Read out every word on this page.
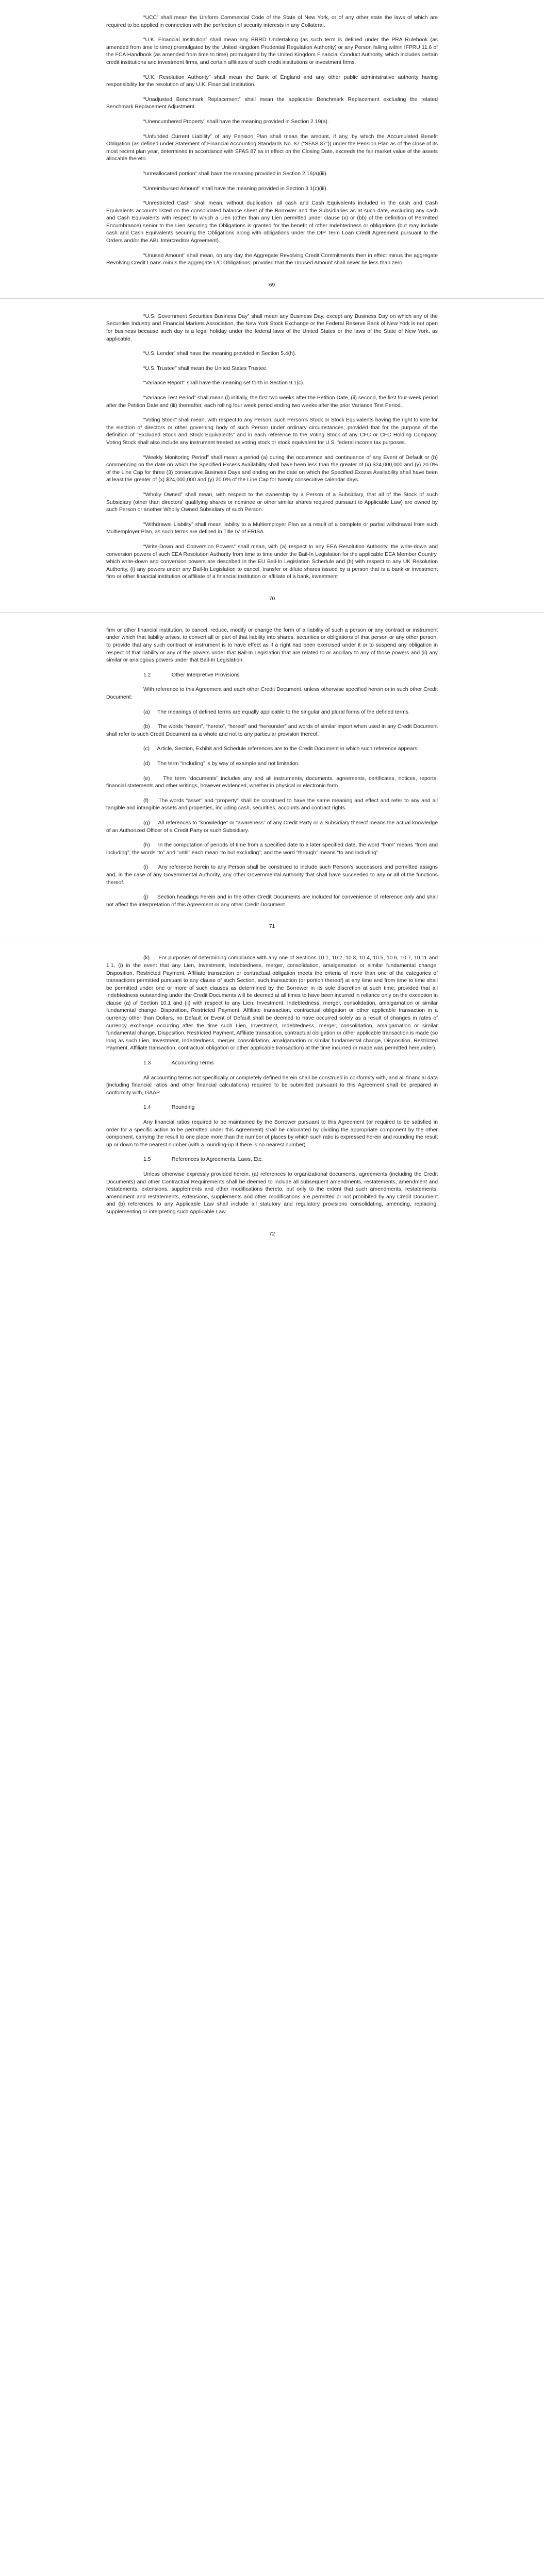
“UCC” shall mean the Uniform Commercial Code of the State of New York, or of any other state the laws of which are required to be applied in connection with the perfection of security interests in any Collateral.

“U.K. Financial Institution” shall mean any BRRD Undertaking (as such term is defined under the PRA Rulebook (as amended from time to time) promulgated by the United Kingdom Prudential Regulation Authority) or any Person falling within IFPRU 11.6 of the FCA Handbook (as amended from time to time) promulgated by the United Kingdom Financial Conduct Authority, which includes certain credit institutions and investment firms, and certain affiliates of such credit institutions or investment firms.

“U.K. Resolution Authority” shall mean the Bank of England and any other public administrative authority having responsibility for the resolution of any U.K. Financial Institution.

“Unadjusted Benchmark Replacement” shall mean the applicable Benchmark Replacement excluding the related Benchmark Replacement Adjustment.

“Unencumbered Property” shall have the meaning provided in Section 2.19(a).

“Unfunded Current Liability” of any Pension Plan shall mean the amount, if any, by which the Accumulated Benefit Obligation (as defined under Statement of Financial Accounting Standards No. 87 (“SFAS 87”)) under the Pension Plan as of the close of its most recent plan year, determined in accordance with SFAS 87 as in effect on the Closing Date, exceeds the fair market value of the assets allocable thereto.

“unreallocated portion” shall have the meaning provided in Section 2.16(a)(iii).

“Unreimbursed Amount” shall have the meaning provided in Section 3.1(c)(iii).

“Unrestricted Cash” shall mean, without duplication, all cash and Cash Equivalents included in the cash and Cash Equivalents accounts listed on the consolidated balance sheet of the Borrower and the Subsidiaries as at such date, excluding any cash and Cash Equivalents with respect to which a Lien (other than any Lien permitted under clause (x) or (bb) of the definition of Permitted Encumbrance) senior to the Lien securing the Obligations is granted for the benefit of other Indebtedness or obligations (but may include cash and Cash Equivalents securing the Obligations along with obligations under the DIP Term Loan Credit Agreement pursuant to the Orders and/or the ABL Intercreditor Agreement).

“Unused Amount” shall mean, on any day the Aggregate Revolving Credit Commitments then in effect minus the aggregate Revolving Credit Loans minus the aggregate L/C Obligations; provided that the Unused Amount shall never be less than zero.

69

“U.S. Government Securities Business Day” shall mean any Business Day, except any Business Day on which any of the Securities Industry and Financial Markets Association, the New York Stock Exchange or the Federal Reserve Bank of New York is not open for business because such day is a legal holiday under the federal laws of the United States or the laws of the State of New York, as applicable.

“U.S. Lender” shall have the meaning provided in Section 5.4(h).

“U.S. Trustee” shall mean the United States Trustee.

“Variance Report” shall have the meaning set forth in Section 9.1(c).

“Variance Test Period” shall mean (i) initially, the first two weeks after the Petition Date, (ii) second, the first four-week period after the Petition Date and (iii) thereafter, each rolling four week period ending two weeks after the prior Variance Test Period.

“Voting Stock” shall mean, with respect to any Person, such Person’s Stock or Stock Equivalents having the right to vote for the election of directors or other governing body of such Person under ordinary circumstances; provided that for the purpose of the definition of “Excluded Stock and Stock Equivalents” and in each reference to the Voting Stock of any CFC or CFC Holding Company, Voting Stock shall also include any instrument treated as voting stock or stock equivalent for U.S. federal income tax purposes.

“Weekly Monitoring Period” shall mean a period (a) during the occurrence and continuance of any Event of Default or (b) commencing on the date on which the Specified Excess Availability shall have been less than the greater of (x) $24,000,000 and (y) 20.0% of the Line Cap for three (3) consecutive Business Days and ending on the date on which the Specified Excess Availability shall have been at least the greater of (x) $24,000,000 and (y) 20.0% of the Line Cap for twenty consecutive calendar days.

“Wholly Owned” shall mean, with respect to the ownership by a Person of a Subsidiary, that all of the Stock of such Subsidiary (other than directors’ qualifying shares or nominee or other similar shares required pursuant to Applicable Law) are owned by such Person or another Wholly Owned Subsidiary of such Person.

“Withdrawal Liability” shall mean liability to a Multiemployer Plan as a result of a complete or partial withdrawal from such Multiemployer Plan, as such terms are defined in Title IV of ERISA.

“Write-Down and Conversion Powers” shall mean, with (a) respect to any EEA Resolution Authority, the write-down and conversion powers of such EEA Resolution Authority from time to time under the Bail-In Legislation for the applicable EEA Member Country, which write-down and conversion powers are described in the EU Bail-In Legislation Schedule and (b) with respect to any UK Resolution Authority, (i) any powers under any Bail-In Legislation to cancel, transfer or dilute shares issued by a person that is a bank or investment firm or other financial institution or affiliate of a financial institution or affiliate of a bank, investment

70

firm or other financial institution, to cancel, reduce, modify or change the form of a liability of such a person or any contract or instrument under which that liability arises, to convert all or part of that liability into shares, securities or obligations of that person or any other person, to provide that any such contract or instrument is to have effect as if a right had been exercised under it or to suspend any obligation in respect of that liability or any of the powers under that Bail-In Legislation that are related to or ancillary to any of those powers and (ii) any similar or analogous powers under that Bail-In Legislation.

1.2	Other Interpretive Provisions

With reference to this Agreement and each other Credit Document, unless otherwise specified herein or in such other Credit Document:

(a)     The meanings of defined terms are equally applicable to the singular and plural forms of the defined terms.

(b)     The words “herein”, “hereto”, “hereof” and “hereunder” and words of similar import when used in any Credit Document shall refer to such Credit Document as a whole and not to any particular provision thereof.

(c)     Article, Section, Exhibit and Schedule references are to the Credit Document in which such reference appears.

(d)     The term “including” is by way of example and not limitation.

(e)     The term “documents” includes any and all instruments, documents, agreements, certificates, notices, reports, financial statements and other writings, however evidenced, whether in physical or electronic form.

(f)     The words “asset” and “property” shall be construed to have the same meaning and effect and refer to any and all tangible and intangible assets and properties, including cash, securities, accounts and contract rights.

(g)     All references to “knowledge” or “awareness” of any Credit Party or a Subsidiary thereof means the actual knowledge of an Authorized Officer of a Credit Party or such Subsidiary.

(h)     In the computation of periods of time from a specified date to a later specified date, the word “from” means “from and including”; the words “to” and “until” each mean “to but excluding”; and the word “through” means “to and including”.

(i)     Any reference herein to any Person shall be construed to include such Person’s successors and permitted assigns and, in the case of any Governmental Authority, any other Governmental Authority that shall have succeeded to any or all of the functions thereof.

(j)     Section headings herein and in the other Credit Documents are included for convenience of reference only and shall not affect the interpretation of this Agreement or any other Credit Document.

71

(k)     For purposes of determining compliance with any one of Sections 10.1, 10.2, 10.3, 10.4, 10.5, 10.6, 10.7, 10.11 and 1.1, (i) in the event that any Lien, Investment, Indebtedness, merger, consolidation, amalgamation or similar fundamental change, Disposition, Restricted Payment, Affiliate transaction or contractual obligation meets the criteria of more than one of the categories of transactions permitted pursuant to any clause of such Section, such transaction (or portion thereof) at any time and from time to time shall be permitted under one or more of such clauses as determined by the Borrower in its sole discretion at such time; provided that all Indebtedness outstanding under the Credit Documents will be deemed at all times to have been incurred in reliance only on the exception in clause (a) of Section 10.1 and (ii) with respect to any Lien, Investment, Indebtedness, merger, consolidation, amalgamation or similar fundamental change, Disposition, Restricted Payment, Affiliate transaction, contractual obligation or other applicable transaction in a currency other than Dollars, no Default or Event of Default shall be deemed to have occurred solely as a result of changes in rates of currency exchange occurring after the time such Lien, Investment, Indebtedness, merger, consolidation, amalgamation or similar fundamental change, Disposition, Restricted Payment, Affiliate transaction, contractual obligation or other applicable transaction is made (so long as such Lien, Investment, Indebtedness, merger, consolidation, amalgamation or similar fundamental change, Disposition, Restricted Payment, Affiliate transaction, contractual obligation or other applicable transaction) at the time incurred or made was permitted hereunder).

1.3	Accounting Terms

All accounting terms not specifically or completely defined herein shall be construed in conformity with, and all financial data (including financial ratios and other financial calculations) required to be submitted pursuant to this Agreement shall be prepared in conformity with, GAAP.

1.4	Rounding

Any financial ratios required to be maintained by the Borrower pursuant to this Agreement (or required to be satisfied in order for a specific action to be permitted under this Agreement) shall be calculated by dividing the appropriate component by the other component, carrying the result to one place more than the number of places by which such ratio is expressed herein and rounding the result up or down to the nearest number (with a rounding-up if there is no nearest number).

1.5	References to Agreements, Laws, Etc.

Unless otherwise expressly provided herein, (a) references to organizational documents, agreements (including the Credit Documents) and other Contractual Requirements shall be deemed to include all subsequent amendments, restatements, amendment and restatements, extensions, supplements and other modifications thereto, but only to the extent that such amendments, restatements, amendment and restatements, extensions, supplements and other modifications are permitted or not prohibited by any Credit Document and (b) references to any Applicable Law shall include all statutory and regulatory provisions consolidating, amending, replacing, supplementing or interpreting such Applicable Law.

72
